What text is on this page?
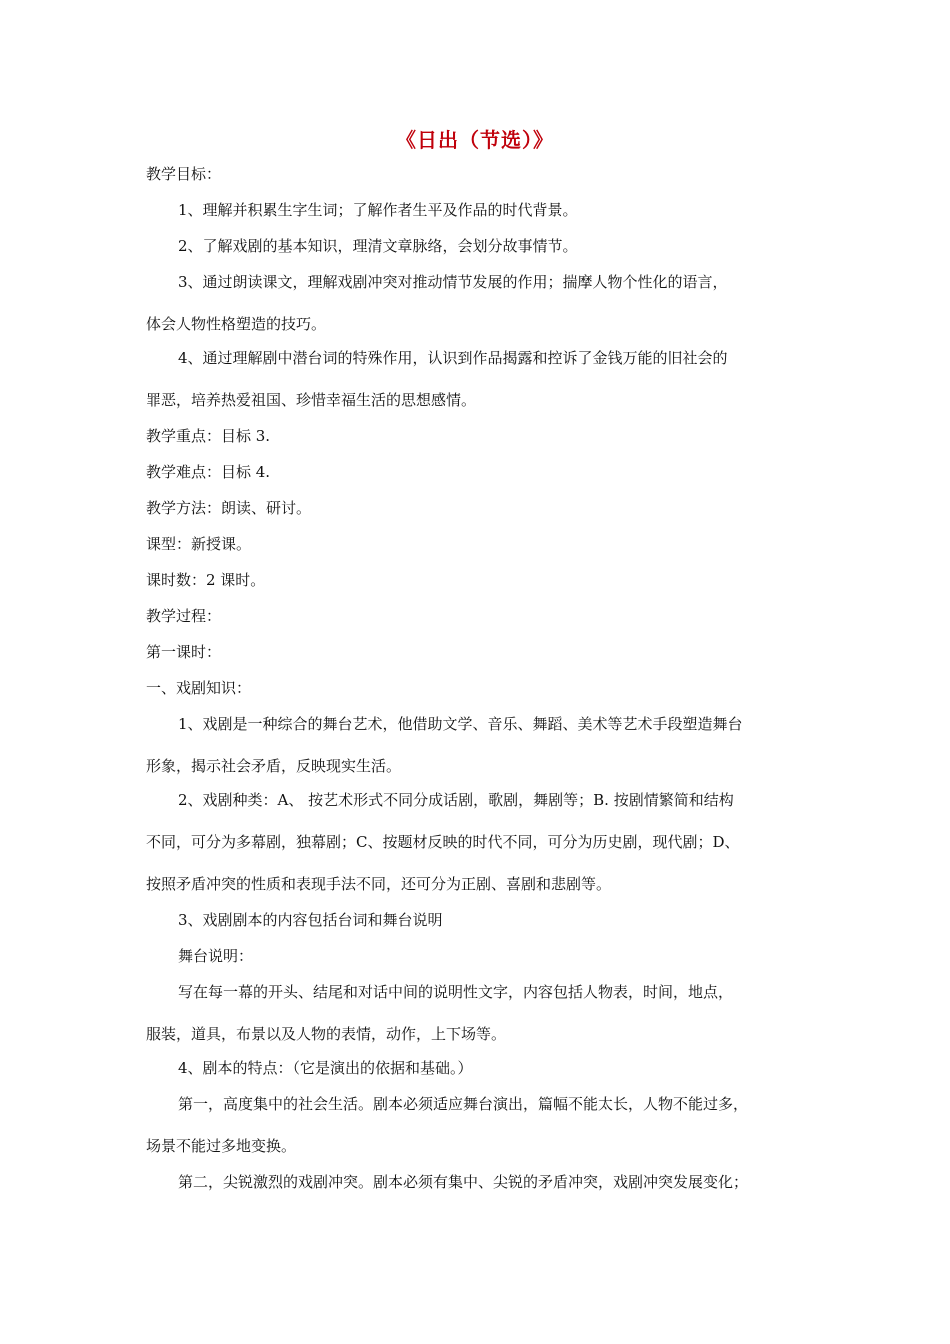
《日出（节选）》
教学目标：
1、理解并积累生字生词；了解作者生平及作品的时代背景。
2、了解戏剧的基本知识，理清文章脉络，会划分故事情节。
3、通过朗读课文，理解戏剧冲突对推动情节发展的作用；揣摩人物个性化的语言，
体会人物性格塑造的技巧。
4、通过理解剧中潜台词的特殊作用，认识到作品揭露和控诉了金钱万能的旧社会的
罪恶，培养热爱祖国、珍惜幸福生活的思想感情。
教学重点：目标 3.
教学难点：目标 4.
教学方法：朗读、研讨。
课型：新授课。
课时数：2 课时。
教学过程：
第一课时：
一、戏剧知识：
1、戏剧是一种综合的舞台艺术，他借助文学、音乐、舞蹈、美术等艺术手段塑造舞台
形象，揭示社会矛盾，反映现实生活。
2、戏剧种类：A、 按艺术形式不同分成话剧，歌剧，舞剧等；B. 按剧情繁简和结构
不同，可分为多幕剧，独幕剧；C、按题材反映的时代不同，可分为历史剧，现代剧；D、
按照矛盾冲突的性质和表现手法不同，还可分为正剧、喜剧和悲剧等。
3、戏剧剧本的内容包括台词和舞台说明
舞台说明：
写在每一幕的开头、结尾和对话中间的说明性文字，内容包括人物表，时间，地点，
服装，道具，布景以及人物的表情，动作，上下场等。
4、剧本的特点：（它是演出的依据和基础。）
第一，高度集中的社会生活。剧本必须适应舞台演出，篇幅不能太长，人物不能过多，
场景不能过多地变换。
第二，尖锐激烈的戏剧冲突。剧本必须有集中、尖锐的矛盾冲突，戏剧冲突发展变化；
